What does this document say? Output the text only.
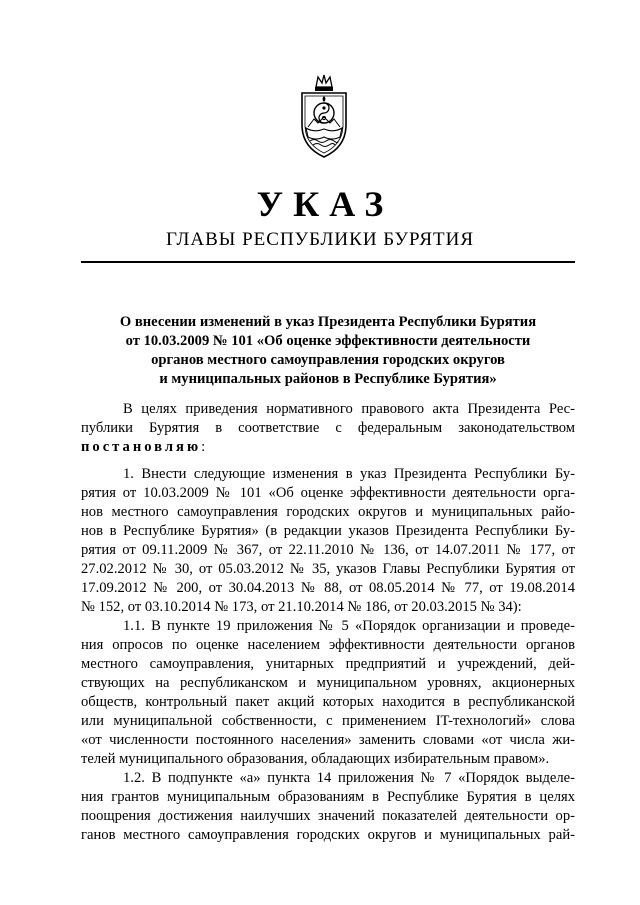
УКАЗ
ГЛАВЫ РЕСПУБЛИКИ БУРЯТИЯ
О внесении изменений в указ Президента Республики Бурятия
от 10.03.2009 № 101 «Об оценке эффективности деятельности
органов местного самоуправления городских округов
и муниципальных районов в Республике Бурятия»
В целях приведения нормативного правового акта Президента Рес-
публики Бурятия в соответствие с федеральным законодательством
постановляю:
1. Внести следующие изменения в указ Президента Республики Бу-
рятия от 10.03.2009 № 101 «Об оценке эффективности деятельности орга-
нов местного самоуправления городских округов и муниципальных райо-
нов в Республике Бурятия» (в редакции указов Президента Республики Бу-
рятия от 09.11.2009 № 367, от 22.11.2010 № 136, от 14.07.2011 № 177, от
27.02.2012 № 30, от 05.03.2012 № 35, указов Главы Республики Бурятия от
17.09.2012 № 200, от 30.04.2013 № 88, от 08.05.2014 № 77, от 19.08.2014
№ 152, от 03.10.2014 № 173, от 21.10.2014 № 186, от 20.03.2015 № 34):
1.1. В пункте 19 приложения № 5 «Порядок организации и проведе-
ния опросов по оценке населением эффективности деятельности органов
местного самоуправления, унитарных предприятий и учреждений, дей-
ствующих на республиканском и муниципальном уровнях, акционерных
обществ, контрольный пакет акций которых находится в республиканской
или муниципальной собственности, с применением IT-технологий» слова
«от численности постоянного населения» заменить словами «от числа жи-
телей муниципального образования, обладающих избирательным правом».
1.2. В подпункте «а» пункта 14 приложения № 7 «Порядок выделе-
ния грантов муниципальным образованиям в Республике Бурятия в целях
поощрения достижения наилучших значений показателей деятельности ор-
ганов местного самоуправления городских округов и муниципальных рай-
